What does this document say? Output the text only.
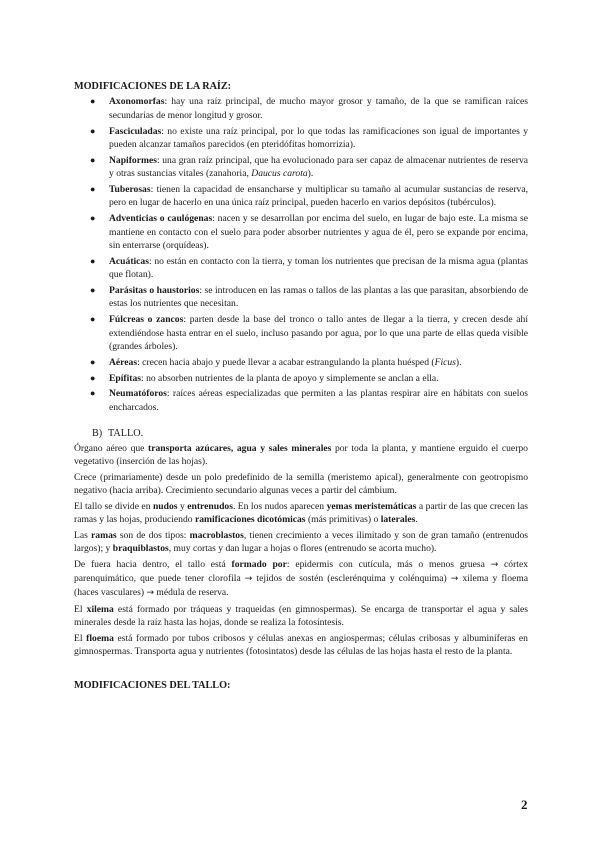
MODIFICACIONES DE LA RAÍZ:
● Axonomorfas: hay una raíz principal, de mucho mayor grosor y tamaño, de la que se ramifican raíces secundarias de menor longitud y grosor.
● Fasciculadas: no existe una raíz principal, por lo que todas las ramificaciones son igual de importantes y pueden alcanzar tamaños parecidos (en pteridófitas homorrizia).
● Napiformes: una gran raíz principal, que ha evolucionado para ser capaz de almacenar nutrientes de reserva y otras sustancias vitales (zanahoria, Daucus carota).
● Tuberosas: tienen la capacidad de ensancharse y multiplicar su tamaño al acumular sustancias de reserva, pero en lugar de hacerlo en una única raíz principal, pueden hacerlo en varios depósitos (tubérculos).
● Adventicias o caulógenas: nacen y se desarrollan por encima del suelo, en lugar de bajo este. La misma se mantiene en contacto con el suelo para poder absorber nutrientes y agua de él, pero se expande por encima, sin enterrarse (orquídeas).
● Acuáticas: no están en contacto con la tierra, y toman los nutrientes que precisan de la misma agua (plantas que flotan).
● Parásitas o haustorios: se introducen en las ramas o tallos de las plantas a las que parasitan, absorbiendo de estas los nutrientes que necesitan.
● Fúlcreas o zancos: parten desde la base del tronco o tallo antes de llegar a la tierra, y crecen desde ahí extendiéndose hasta entrar en el suelo, incluso pasando por agua, por lo que una parte de ellas queda visible (grandes árboles).
● Aéreas: crecen hacia abajo y puede llevar a acabar estrangulando la planta huésped (Ficus).
● Epífitas: no absorben nutrientes de la planta de apoyo y simplemente se anclan a ella.
● Neumatóforos: raíces aéreas especializadas que permiten a las plantas respirar aire en hábitats con suelos encharcados.
B) TALLO.

Órgano aéreo que transporta azúcares, agua y sales minerales por toda la planta, y mantiene erguido el cuerpo vegetativo (inserción de las hojas).

Crece (primariamente) desde un polo predefinido de la semilla (meristemo apical), generalmente con geotropismo negativo (hacia arriba). Crecimiento secundario algunas veces a partir del cámbium.

El tallo se divide en nudos y entrenudos. En los nudos aparecen yemas meristemáticas a partir de las que crecen las ramas y las hojas, produciendo ramificaciones dicotómicas (más primitivas) o laterales.

Las ramas son de dos tipos: macroblastos, tienen crecimiento a veces ilimitado y son de gran tamaño (entrenudos largos); y braquiblastos, muy cortas y dan lugar a hojas o flores (entrenudo se acorta mucho).

De fuera hacia dentro, el tallo está formado por: epidermis con cutícula, más o menos gruesa → córtex parenquimático, que puede tener clorofila → tejidos de sostén (esclerénquima y colénquima) → xilema y floema (haces vasculares) → médula de reserva.

El xilema está formado por tráqueas y traqueidas (en gimnospermas). Se encarga de transportar el agua y sales minerales desde la raíz hasta las hojas, donde se realiza la fotosíntesis.

El floema está formado por tubos cribosos y células anexas en angiospermas; células cribosas y albuminíferas en gimnospermas. Transporta agua y nutrientes (fotosintatos) desde las células de las hojas hasta el resto de la planta.

MODIFICACIONES DEL TALLO:
2
